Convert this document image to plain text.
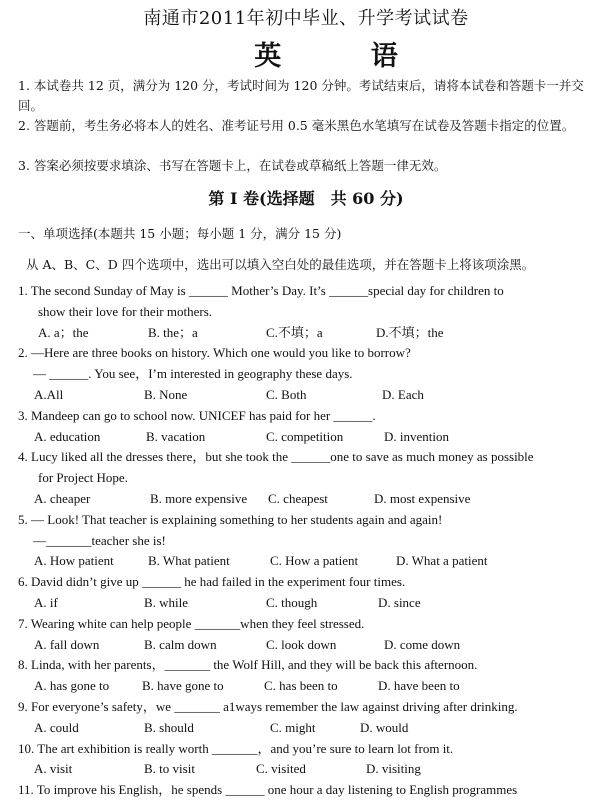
南通市2011年初中毕业、升学考试试卷
英 语
1. 本试卷共 12 页，满分为 120 分，考试时间为 120 分钟。考试结束后，请将本试卷和答题卡一并交回。
2. 答题前，考生务必将本人的姓名、准考证号用 0.5 毫米黑色水笔填写在试卷及答题卡指定的位置。
3. 答案必须按要求填涂、书写在答题卡上，在试卷或草稿纸上答题一律无效。
第 I 卷(选择题　共 60 分)
一、单项选择(本题共 15 小题；每小题 1 分，满分 15 分)
从 A、B、C、D 四个选项中，选出可以填入空白处的最佳选项，并在答题卡上将该项涂黑。
1. The second Sunday of May is ______ Mother’s Day. It’s ______special day for children to
show their love for their mothers.
A. a；the	B. the；a	C.不填；a	D.不填；the
2. —Here are three books on history. Which one would you like to borrow?
— ______. You see，I’m interested in geography these days.
A.All	B. None	C. Both	D. Each
3. Mandeep can go to school now. UNICEF has paid for her ______.
A. education	B. vacation	C. competition	D. invention
4. Lucy liked all the dresses there，but she took the ______one to save as much money as possible
for Project Hope.
A. cheaper	B. more expensive C. cheapest	D. most expensive
5. — Look! That teacher is explaining something to her students again and again!
—_______teacher she is!
A. How patient	B. What patient	C. How a patient	D. What a patient
6. David didn’t give up ______ he had failed in the experiment four times.
A. if	B. while	C. though	D. since
7. Wearing white can help people _______when they feel stressed.
A. fall down	B. calm down	C. look down	D. come down
8. Linda, with her parents，_______ the Wolf Hill, and they will be back this afternoon.
A. has gone to	B. have gone to	C. has been to	D. have been to
9. For everyone’s safety，we _______ a1ways remember the law against driving after drinking.
A. could	B. should	C. might	D. would
10. The art exhibition is really worth _______，and you’re sure to learn lot from it.
A. visit	B. to visit	C. visited	D. visiting
11. To improve his English，he spends ______ one hour a day listening to English programmes
